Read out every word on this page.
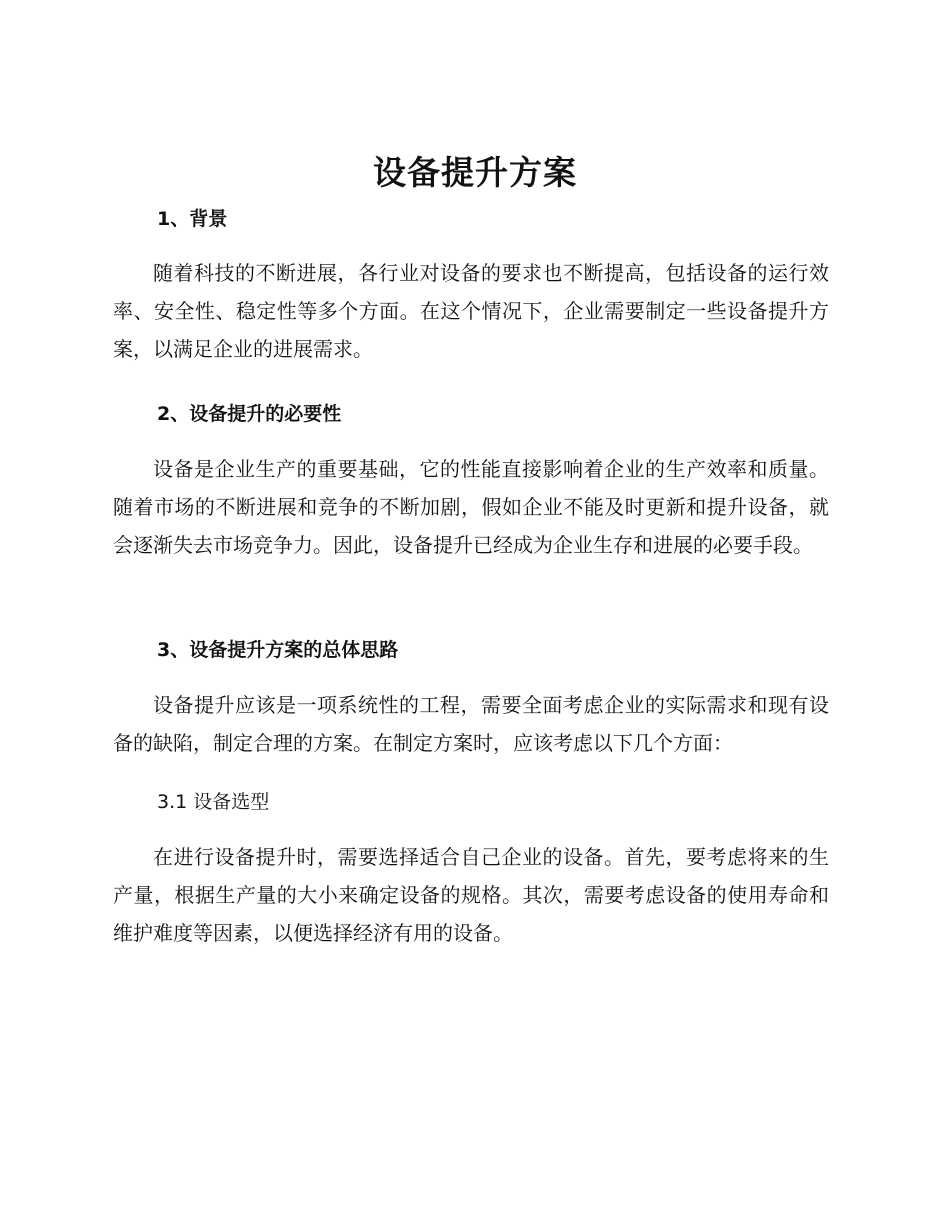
设备提升方案
1、背景

随着科技的不断进展，各行业对设备的要求也不断提高，包括设备的运行效率、安全性、稳定性等多个方面。在这个情况下，企业需要制定一些设备提升方案，以满足企业的进展需求。

2、设备提升的必要性

设备是企业生产的重要基础，它的性能直接影响着企业的生产效率和质量。随着市场的不断进展和竞争的不断加剧，假如企业不能及时更新和提升设备，就会逐渐失去市场竞争力。因此，设备提升已经成为企业生存和进展的必要手段。

3、设备提升方案的总体思路

设备提升应该是一项系统性的工程，需要全面考虑企业的实际需求和现有设备的缺陷，制定合理的方案。在制定方案时，应该考虑以下几个方面：

3.1 设备选型

在进行设备提升时，需要选择适合自己企业的设备。首先，要考虑将来的生产量，根据生产量的大小来确定设备的规格。其次，需要考虑设备的使用寿命和维护难度等因素，以便选择经济有用的设备。
